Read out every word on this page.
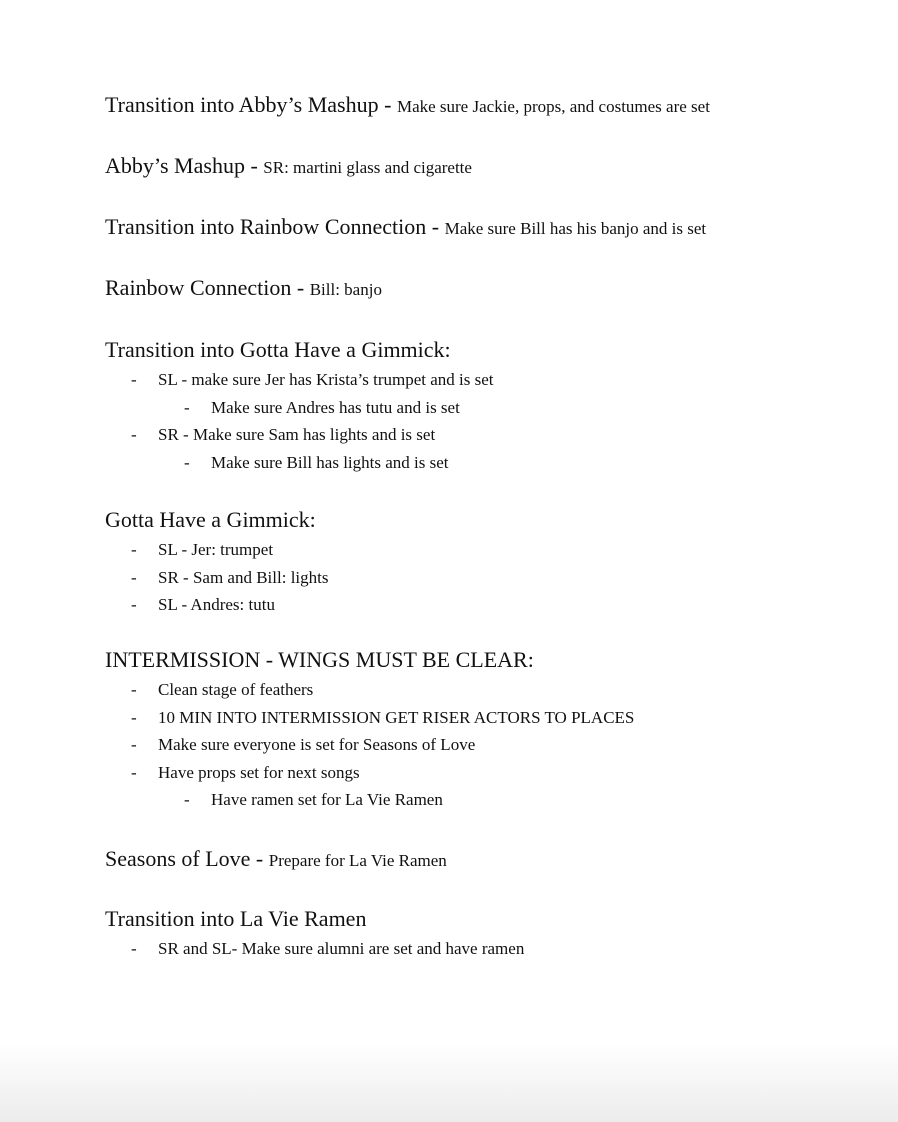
Transition into Abby’s Mashup - Make sure Jackie, props, and costumes are set
Abby’s Mashup - SR: martini glass and cigarette
Transition into Rainbow Connection - Make sure Bill has his banjo and is set
Rainbow Connection - Bill: banjo
Transition into Gotta Have a Gimmick:
- SL - make sure Jer has Krista’s trumpet and is set
- Make sure Andres has tutu and is set
- SR - Make sure Sam has lights and is set
- Make sure Bill has lights and is set
Gotta Have a Gimmick:
- SL - Jer: trumpet
- SR - Sam and Bill: lights
- SL - Andres: tutu
INTERMISSION - WINGS MUST BE CLEAR:
- Clean stage of feathers
- 10 MIN INTO INTERMISSION GET RISER ACTORS TO PLACES
- Make sure everyone is set for Seasons of Love
- Have props set for next songs
- Have ramen set for La Vie Ramen
Seasons of Love - Prepare for La Vie Ramen
Transition into La Vie Ramen
- SR and SL- Make sure alumni are set and have ramen
